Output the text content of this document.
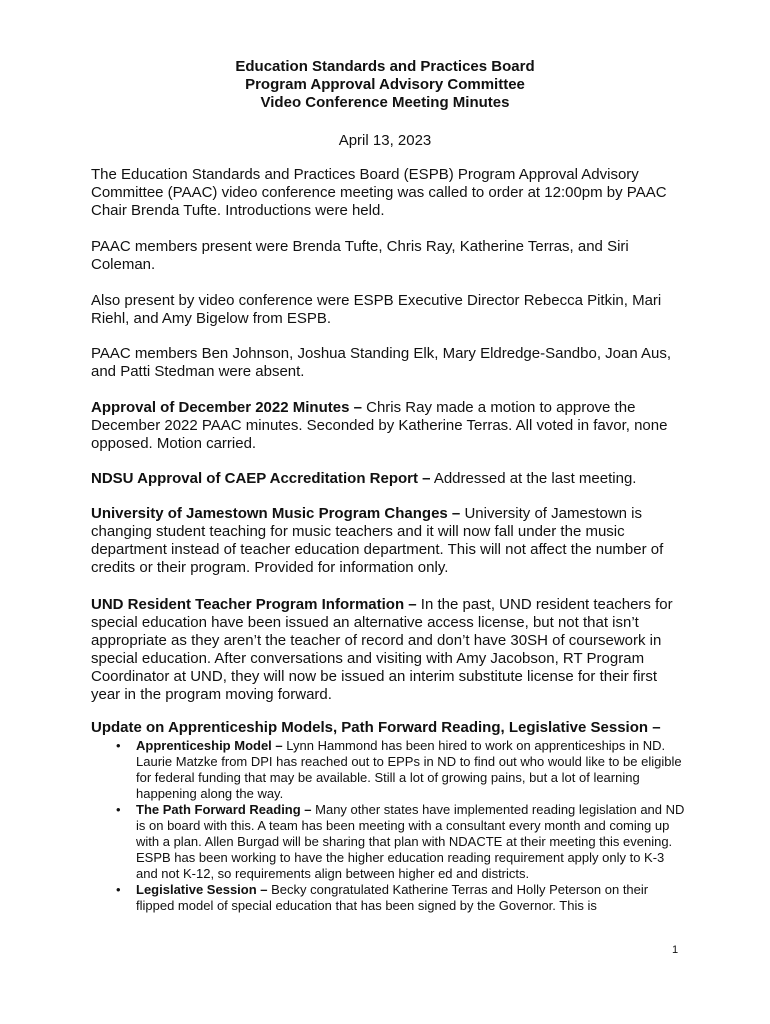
Education Standards and Practices Board
Program Approval Advisory Committee
Video Conference Meeting Minutes
April 13, 2023

The Education Standards and Practices Board (ESPB) Program Approval Advisory Committee (PAAC) video conference meeting was called to order at 12:00pm by PAAC Chair Brenda Tufte. Introductions were held.

PAAC members present were Brenda Tufte, Chris Ray, Katherine Terras, and Siri Coleman.

Also present by video conference were ESPB Executive Director Rebecca Pitkin, Mari Riehl, and Amy Bigelow from ESPB.

PAAC members Ben Johnson, Joshua Standing Elk, Mary Eldredge-Sandbo, Joan Aus, and Patti Stedman were absent.

Approval of December 2022 Minutes – Chris Ray made a motion to approve the December 2022 PAAC minutes. Seconded by Katherine Terras. All voted in favor, none opposed. Motion carried.

NDSU Approval of CAEP Accreditation Report – Addressed at the last meeting.

University of Jamestown Music Program Changes – University of Jamestown is changing student teaching for music teachers and it will now fall under the music department instead of teacher education department. This will not affect the number of credits or their program. Provided for information only.

UND Resident Teacher Program Information – In the past, UND resident teachers for special education have been issued an alternative access license, but not that isn’t appropriate as they aren’t the teacher of record and don’t have 30SH of coursework in special education. After conversations and visiting with Amy Jacobson, RT Program Coordinator at UND, they will now be issued an interim substitute license for their first year in the program moving forward.

Update on Apprenticeship Models, Path Forward Reading, Legislative Session –
• Apprenticeship Model – Lynn Hammond has been hired to work on apprenticeships in ND. Laurie Matzke from DPI has reached out to EPPs in ND to find out who would like to be eligible for federal funding that may be available. Still a lot of growing pains, but a lot of learning happening along the way.
• The Path Forward Reading – Many other states have implemented reading legislation and ND is on board with this. A team has been meeting with a consultant every month and coming up with a plan. Allen Burgad will be sharing that plan with NDACTE at their meeting this evening. ESPB has been working to have the higher education reading requirement apply only to K-3 and not K-12, so requirements align between higher ed and districts.
• Legislative Session – Becky congratulated Katherine Terras and Holly Peterson on their flipped model of special education that has been signed by the Governor. This is
1
